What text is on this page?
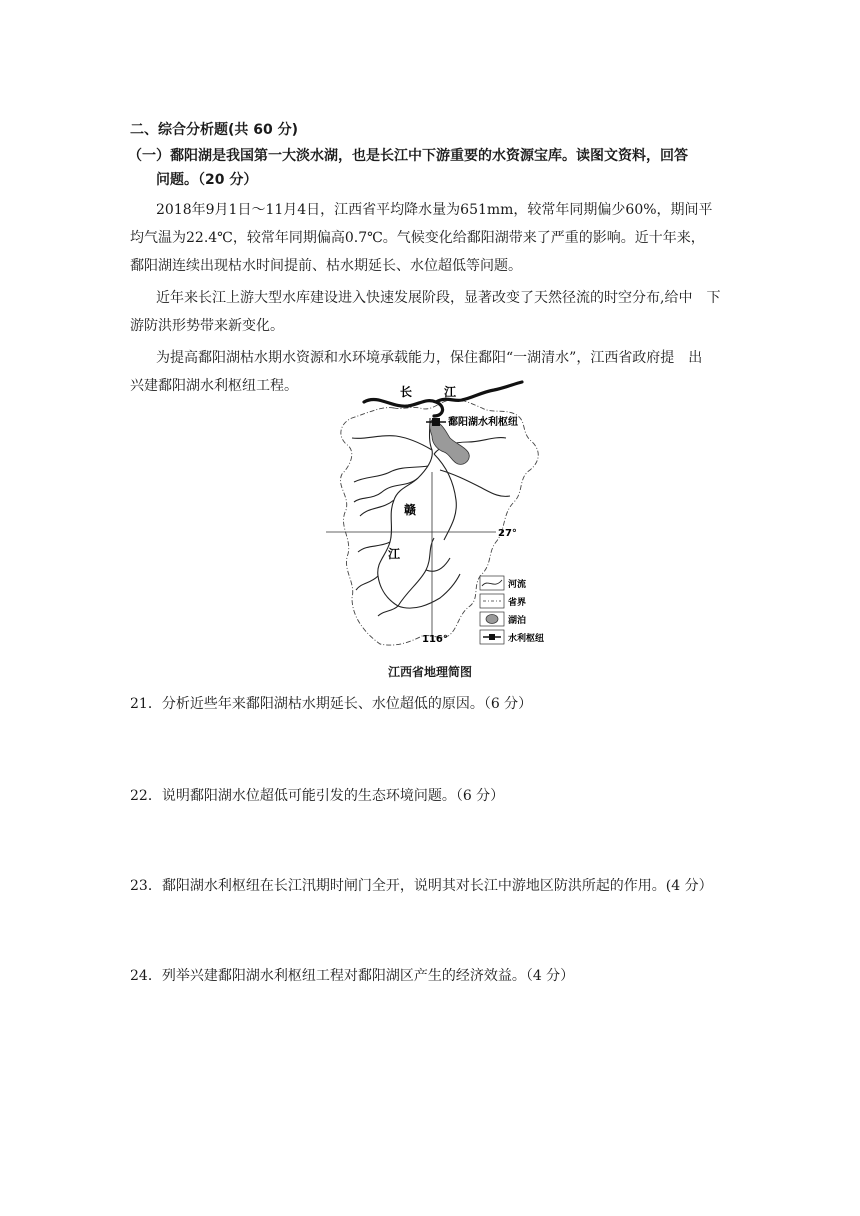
二、综合分析题(共 60 分)
（一）鄱阳湖是我国第一大淡水湖，也是长江中下游重要的水资源宝库。读图文资料，回答
问题。（20 分）
2018年9月1日～11月4日，江西省平均降水量为651mm，较常年同期偏少60%，期间平
均气温为22.4℃，较常年同期偏高0.7℃。气候变化给鄱阳湖带来了严重的影响。近十年来，
鄱阳湖连续出现枯水时间提前、枯水期延长、水位超低等问题。
近年来长江上游大型水库建设进入快速发展阶段，显著改变了天然径流的时空分布,给中　下
游防洪形势带来新变化。
为提高鄱阳湖枯水期水资源和水环境承载能力，保住鄱阳“一湖清水”，江西省政府提　出
兴建鄱阳湖水利枢纽工程。	长	江
鄱阳湖水利枢纽
赣
江
27°
116°
河流
省界
湖泊
水利枢纽
江西省地理简图
21．分析近些年来鄱阳湖枯水期延长、水位超低的原因。（6 分）
22．说明鄱阳湖水位超低可能引发的生态环境问题。（6 分）
23．鄱阳湖水利枢纽在长江汛期时闸门全开，说明其对长江中游地区防洪所起的作用。(4 分）
24．列举兴建鄱阳湖水利枢纽工程对鄱阳湖区产生的经济效益。（4 分）
